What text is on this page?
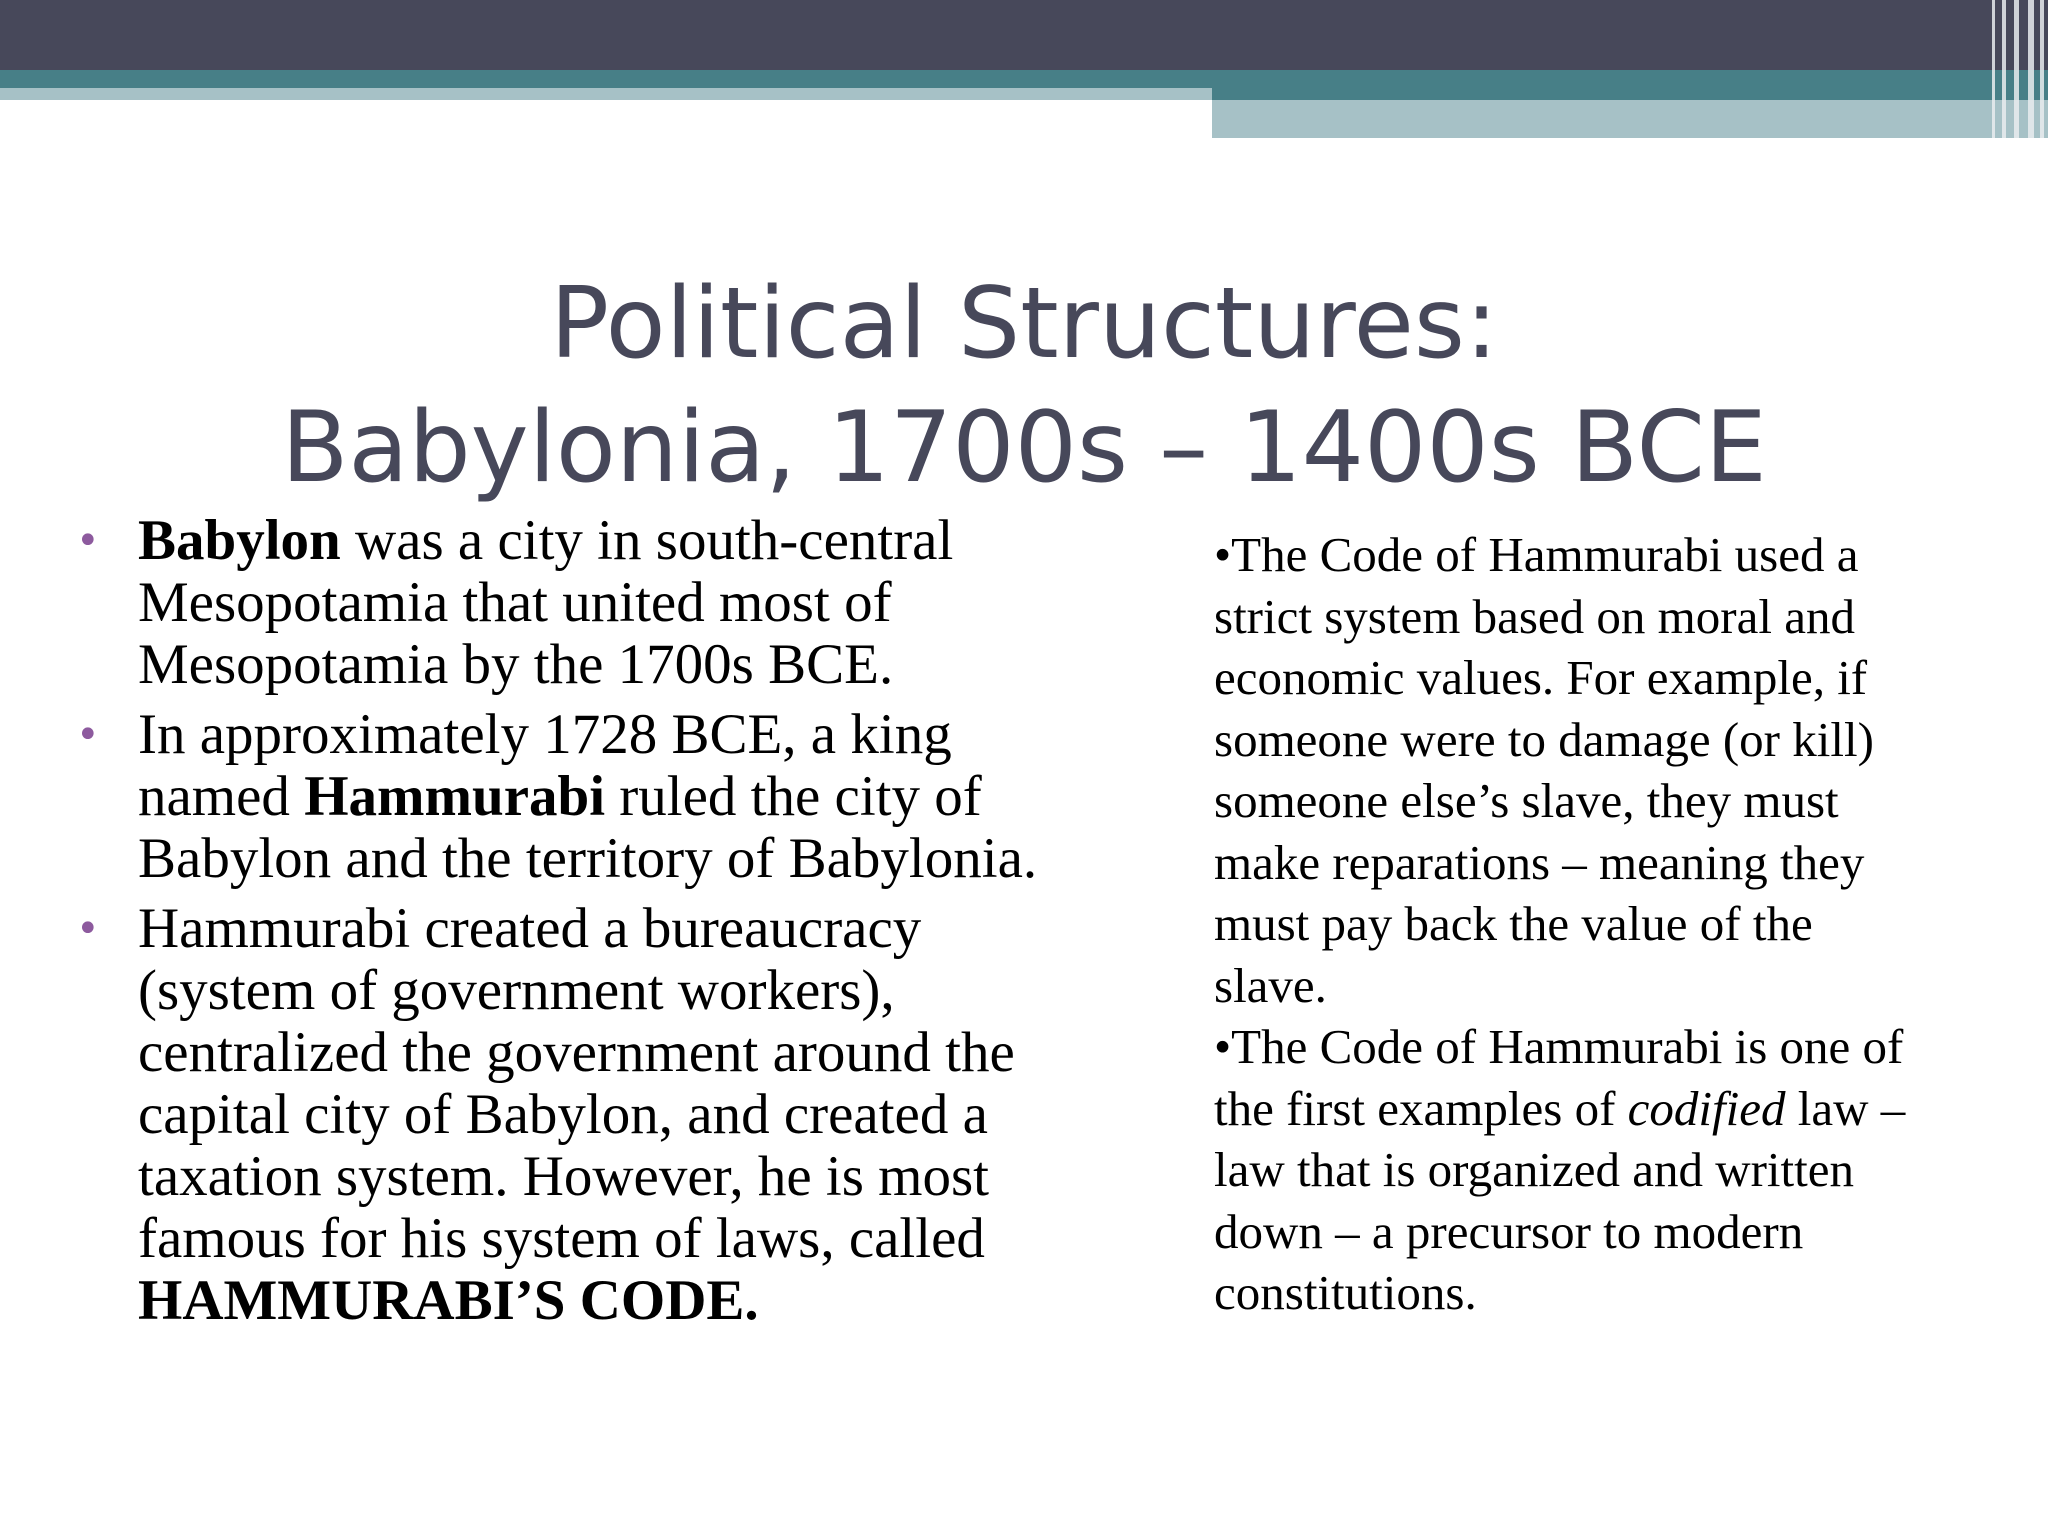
Political Structures:
Babylonia, 1700s – 1400s BCE
• Babylon was a city in south-central Mesopotamia that united most of Mesopotamia by the 1700s BCE.
• In approximately 1728 BCE, a king named Hammurabi ruled the city of Babylon and the territory of Babylonia.
• Hammurabi created a bureaucracy (system of government workers), centralized the government around the capital city of Babylon, and created a taxation system. However, he is most famous for his system of laws, called HAMMURABI’S CODE.

•The Code of Hammurabi used a strict system based on moral and economic values. For example, if someone were to damage (or kill) someone else’s slave, they must make reparations – meaning they must pay back the value of the slave.

•The Code of Hammurabi is one of the first examples of codified law – law that is organized and written down – a precursor to modern constitutions.
